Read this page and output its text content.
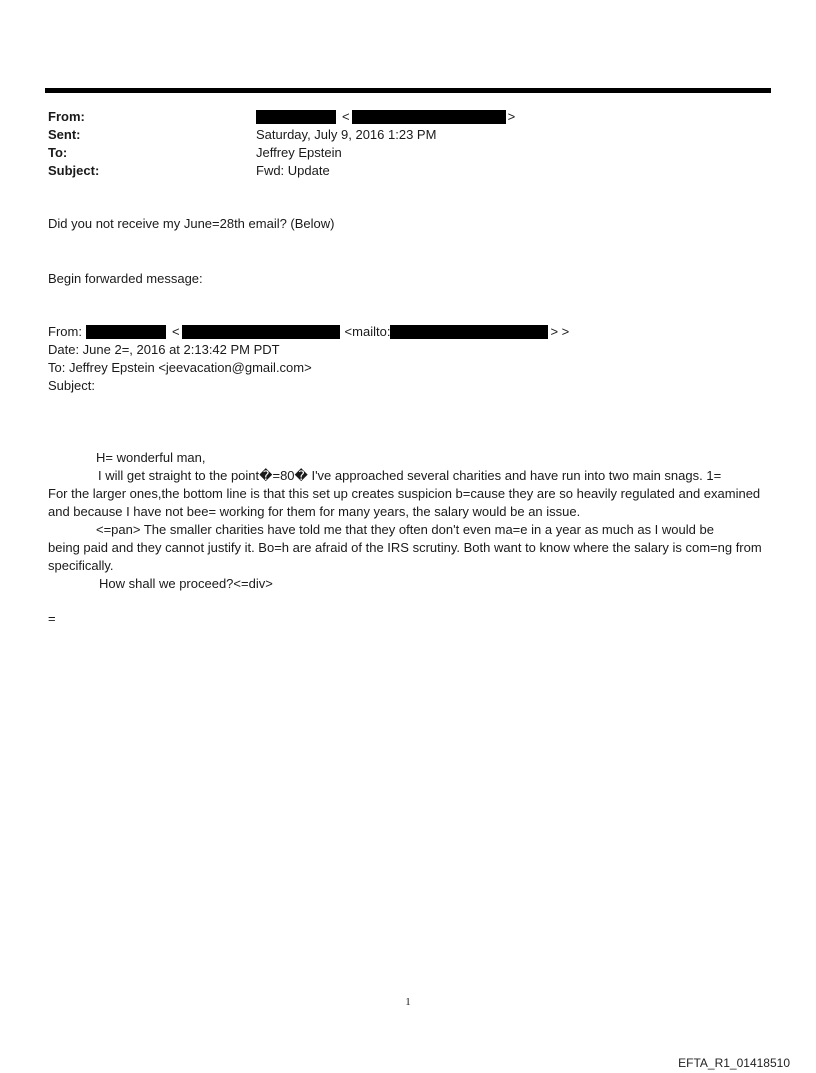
From:	<	>
Sent:	Saturday, July 9, 2016 1:23 PM
To:	Jeffrey Epstein
Subject:	Fwd: Update
Did you not receive my June=28th email? (Below)
Begin forwarded message:
From:	<	<mailto:	> >
Date: June 2=, 2016 at 2:13:42 PM PDT
To: Jeffrey Epstein <jeevacation@gmail.com>
Subject:
H= wonderful man,
I will get straight to the point�=80� I've approached several charities and have run into two main snags. 1=
For the larger ones,the bottom line is that this set up creates suspicion b=cause they are so heavily regulated and examined and because I have not bee= working for them for many years, the salary would be an issue.
<=pan> The smaller charities have told me that they often don't even ma=e in a year as much as I would be
being paid and they cannot justify it. Bo=h are afraid of the IRS scrutiny. Both want to know where the salary is com=ng from specifically.
How shall we proceed?<=div>
=
1
EFTA_R1_01418510
